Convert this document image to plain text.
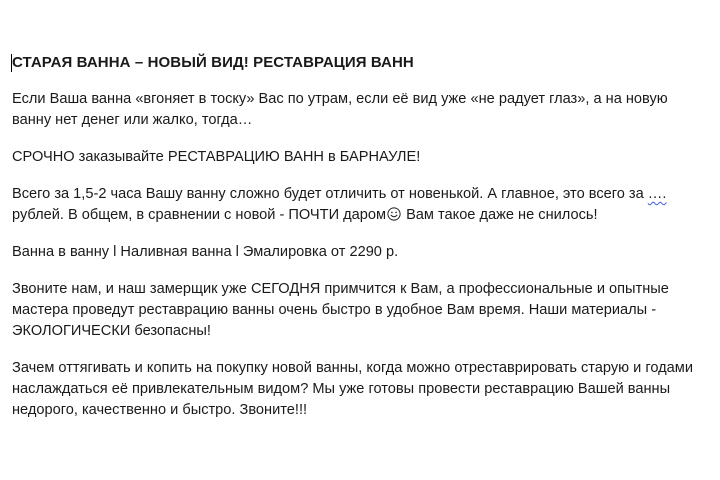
СТАРАЯ ВАННА – НОВЫЙ ВИД! РЕСТАВРАЦИЯ ВАНН

Если Ваша ванна «вгоняет в тоску» Вас по утрам, если её вид уже «не радует глаз», а на новую ванну нет денег или жалко, тогда…

СРОЧНО заказывайте РЕСТАВРАЦИЮ ВАНН в БАРНАУЛЕ!

Всего за 1,5-2 часа Вашу ванну сложно будет отличить от новенькой. А главное, это всего за …. рублей. В общем, в сравнении с новой - ПОЧТИ даром Вам такое даже не снилось!

Ванна в ванну l Наливная ванна l Эмалировка от 2290 р.

Звоните нам, и наш замерщик уже СЕГОДНЯ примчится к Вам, а профессиональные и опытные мастера проведут реставрацию ванны очень быстро в удобное Вам время. Наши материалы - ЭКОЛОГИЧЕСКИ безопасны!

Зачем оттягивать и копить на покупку новой ванны, когда можно отреставрировать старую и годами наслаждаться её привлекательным видом? Мы уже готовы провести реставрацию Вашей ванны недорого, качественно и быстро. Звоните!!!
